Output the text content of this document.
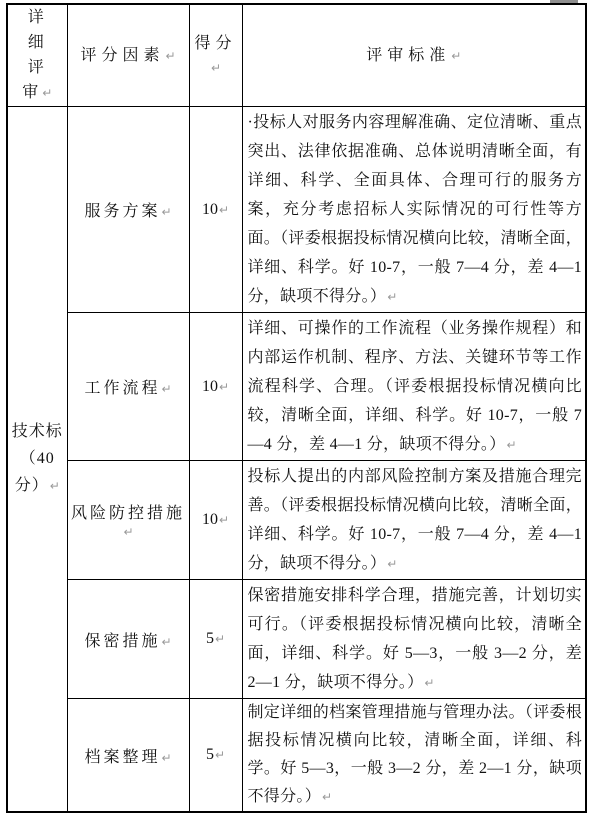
详细评审↵	评分因素↵	得分↵	评审标准↵
技术标（40分）↵	服务方案↵	10↵	·投标人对服务内容理解准确、定位清晰、重点突出、法律依据准确、总体说明清晰全面，有详细、科学、全面具体、合理可行的服务方案，充分考虑招标人实际情况的可行性等方面。（评委根据投标情况横向比较，清晰全面，详细、科学。好 10-7，一般 7—4 分，差 4—1 分，缺项不得分。）↵
	工作流程↵	10↵	详细、可操作的工作流程（业务操作规程）和内部运作机制、程序、方法、关键环节等工作流程科学、合理。（评委根据投标情况横向比较，清晰全面，详细、科学。好 10-7，一般 7—4 分，差 4—1 分，缺项不得分。）↵
	风险防控措施↵	10↵	投标人提出的内部风险控制方案及措施合理完善。（评委根据投标情况横向比较，清晰全面，详细、科学。好 10-7，一般 7—4 分，差 4—1 分，缺项不得分。）↵
	保密措施↵	5↵	保密措施安排科学合理，措施完善，计划切实可行。（评委根据投标情况横向比较，清晰全面，详细、科学。好 5—3，一般 3—2 分，差 2—1 分，缺项不得分。）↵
	档案整理↵	5↵	制定详细的档案管理措施与管理办法。（评委根据投标情况横向比较，清晰全面，详细、科学。好 5—3，一般 3—2 分，差 2—1 分，缺项不得分。）↵
